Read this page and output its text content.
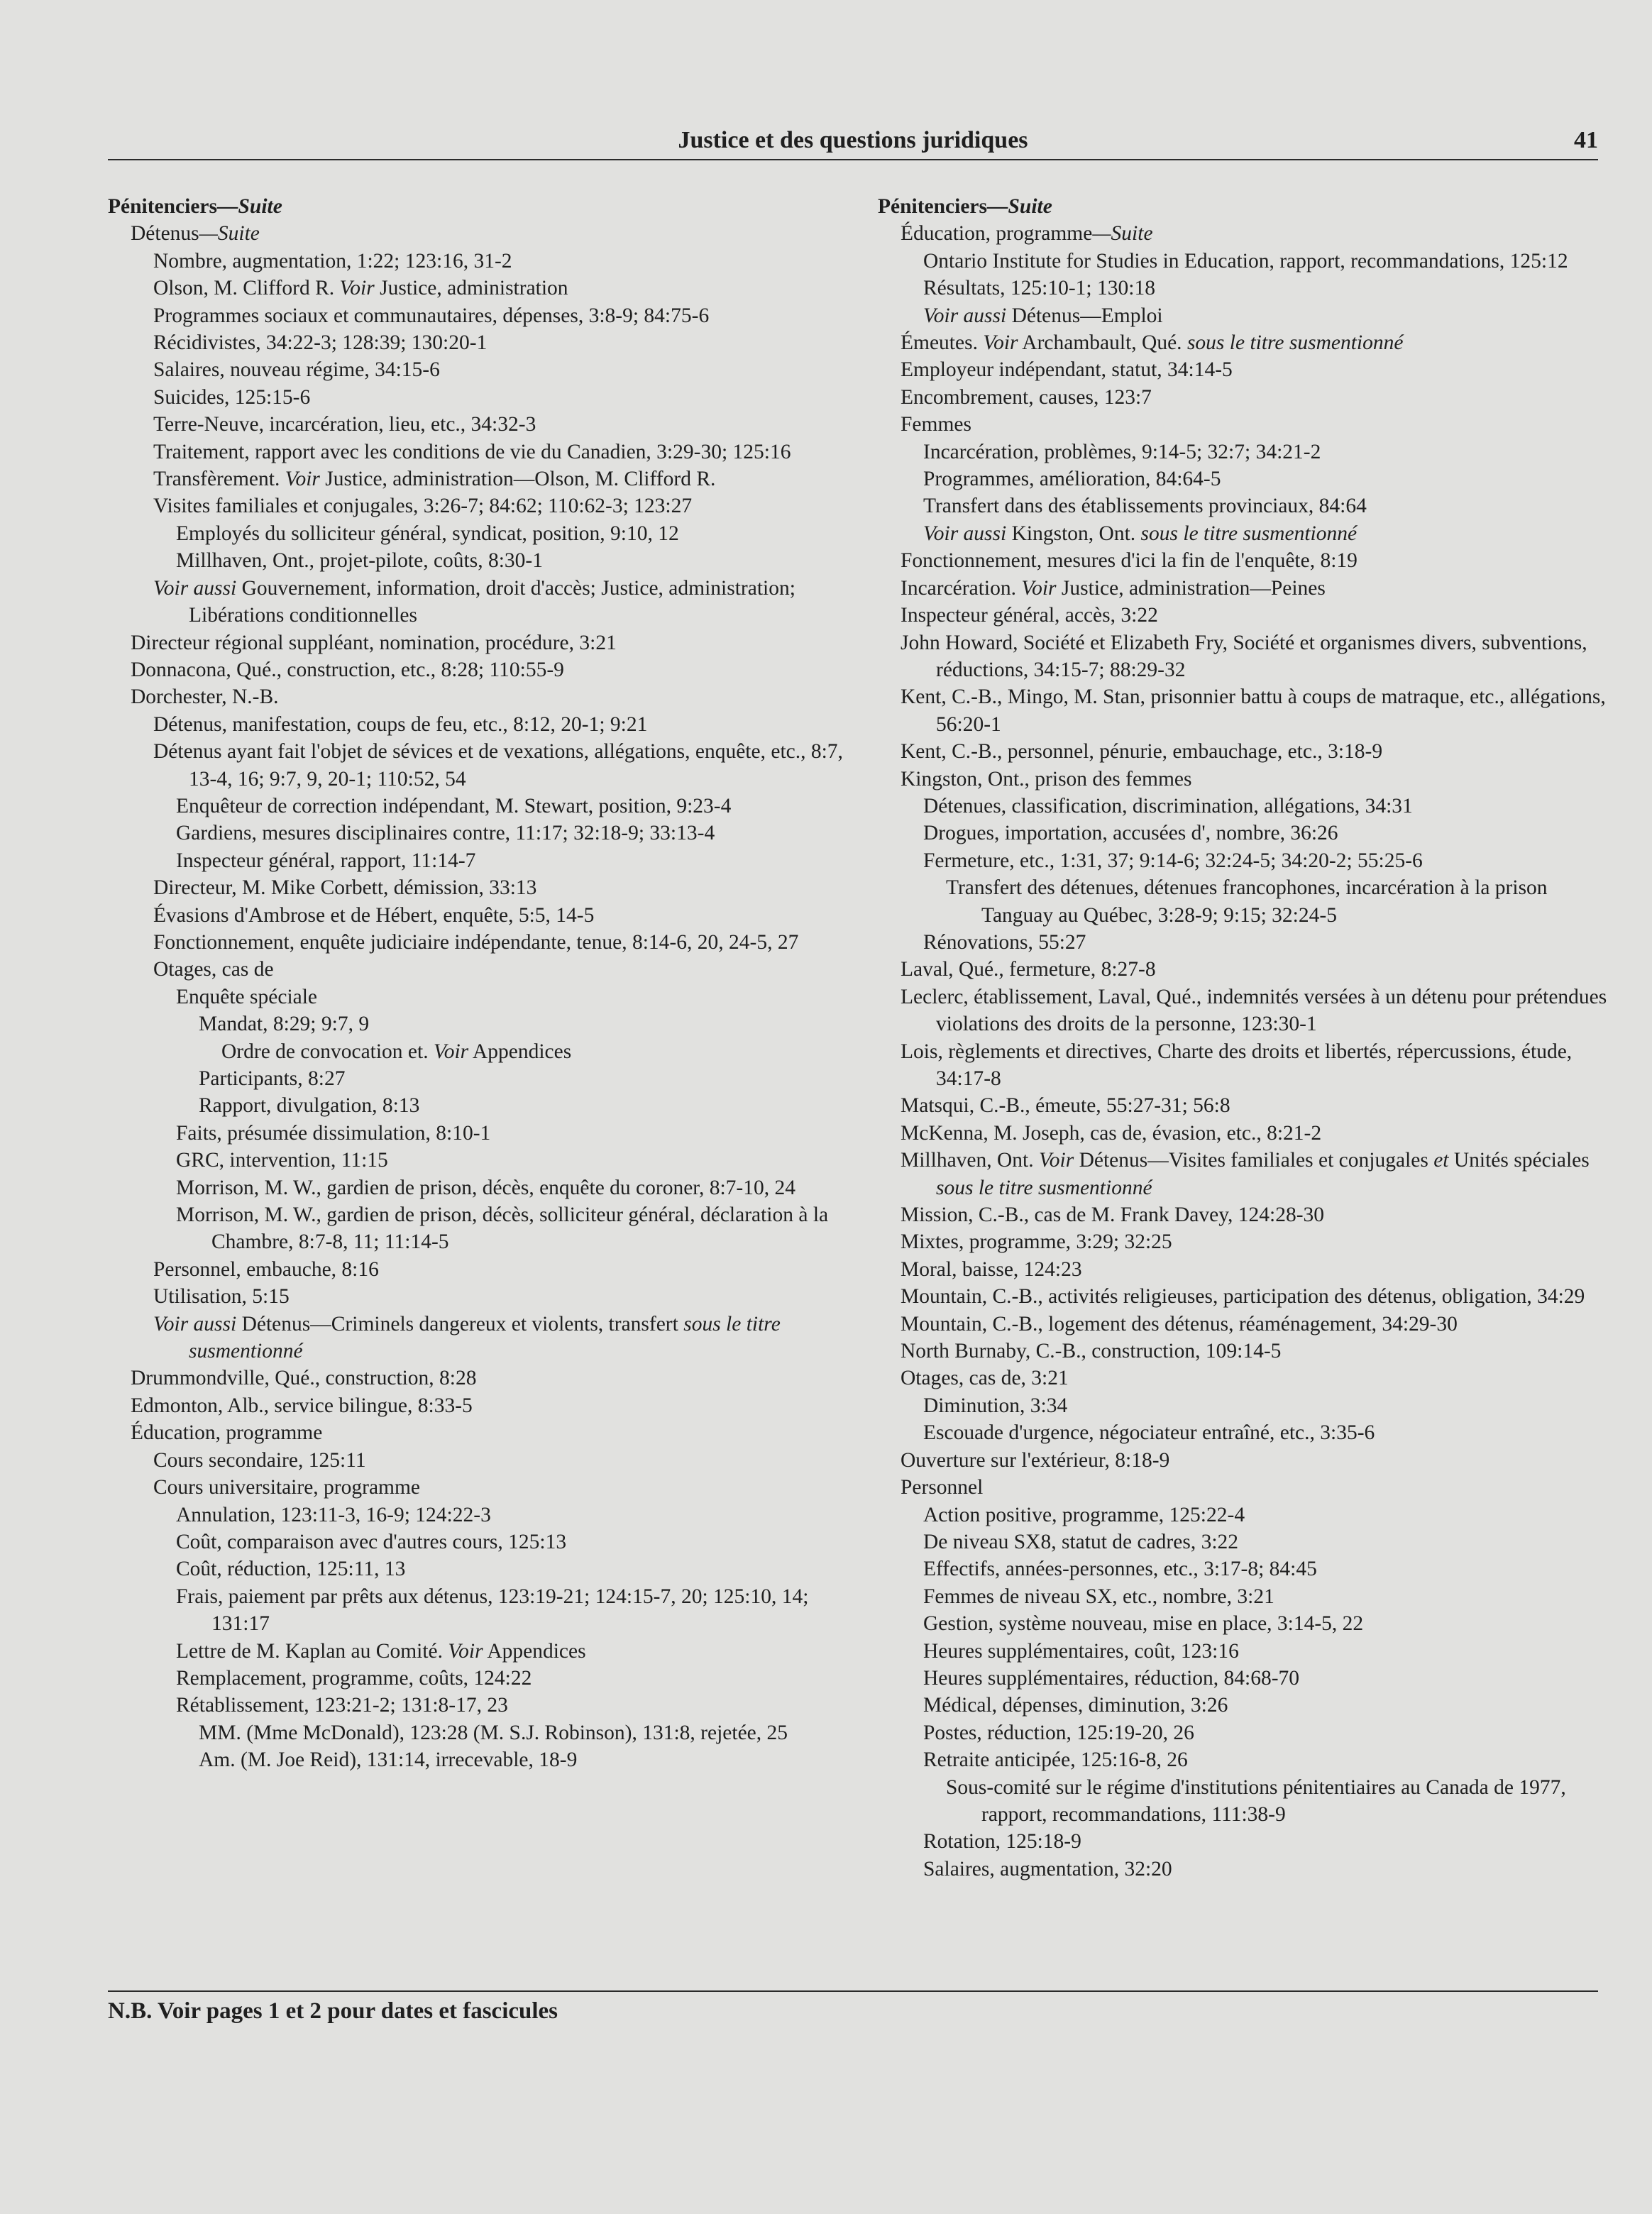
Justice et des questions juridiques	41
Pénitenciers—Suite
Détenus—Suite
Nombre, augmentation, 1:22; 123:16, 31-2
Olson, M. Clifford R. Voir Justice, administration
Programmes sociaux et communautaires, dépenses, 3:8-9; 84:75-6
Récidivistes, 34:22-3; 128:39; 130:20-1
Salaires, nouveau régime, 34:15-6
Suicides, 125:15-6
Terre-Neuve, incarcération, lieu, etc., 34:32-3
Traitement, rapport avec les conditions de vie du Canadien, 3:29-30; 125:16
Transfèrement. Voir Justice, administration—Olson, M. Clifford R.
Visites familiales et conjugales, 3:26-7; 84:62; 110:62-3; 123:27
Employés du solliciteur général, syndicat, position, 9:10, 12
Millhaven, Ont., projet-pilote, coûts, 8:30-1
Voir aussi Gouvernement, information, droit d'accès; Justice, administration; Libérations conditionnelles
Directeur régional suppléant, nomination, procédure, 3:21
Donnacona, Qué., construction, etc., 8:28; 110:55-9
Dorchester, N.-B.
Détenus, manifestation, coups de feu, etc., 8:12, 20-1; 9:21
Détenus ayant fait l'objet de sévices et de vexations, allégations, enquête, etc., 8:7, 13-4, 16; 9:7, 9, 20-1; 110:52, 54
Enquêteur de correction indépendant, M. Stewart, position, 9:23-4
Gardiens, mesures disciplinaires contre, 11:17; 32:18-9; 33:13-4
Inspecteur général, rapport, 11:14-7
Directeur, M. Mike Corbett, démission, 33:13
Évasions d'Ambrose et de Hébert, enquête, 5:5, 14-5
Fonctionnement, enquête judiciaire indépendante, tenue, 8:14-6, 20, 24-5, 27
Otages, cas de
Enquête spéciale
Mandat, 8:29; 9:7, 9
Ordre de convocation et. Voir Appendices
Participants, 8:27
Rapport, divulgation, 8:13
Faits, présumée dissimulation, 8:10-1
GRC, intervention, 11:15
Morrison, M. W., gardien de prison, décès, enquête du coroner, 8:7-10, 24
Morrison, M. W., gardien de prison, décès, solliciteur général, déclaration à la Chambre, 8:7-8, 11; 11:14-5
Personnel, embauche, 8:16
Utilisation, 5:15
Voir aussi Détenus—Criminels dangereux et violents, transfert sous le titre susmentionné
Drummondville, Qué., construction, 8:28
Edmonton, Alb., service bilingue, 8:33-5
Éducation, programme
Cours secondaire, 125:11
Cours universitaire, programme
Annulation, 123:11-3, 16-9; 124:22-3
Coût, comparaison avec d'autres cours, 125:13
Coût, réduction, 125:11, 13
Frais, paiement par prêts aux détenus, 123:19-21; 124:15-7, 20; 125:10, 14; 131:17
Lettre de M. Kaplan au Comité. Voir Appendices
Remplacement, programme, coûts, 124:22
Rétablissement, 123:21-2; 131:8-17, 23
MM. (Mme McDonald), 123:28 (M. S.J. Robinson), 131:8, rejetée, 25
Am. (M. Joe Reid), 131:14, irrecevable, 18-9
Pénitenciers—Suite
Éducation, programme—Suite
Ontario Institute for Studies in Education, rapport, recommandations, 125:12
Résultats, 125:10-1; 130:18
Voir aussi Détenus—Emploi
Émeutes. Voir Archambault, Qué. sous le titre susmentionné
Employeur indépendant, statut, 34:14-5
Encombrement, causes, 123:7
Femmes
Incarcération, problèmes, 9:14-5; 32:7; 34:21-2
Programmes, amélioration, 84:64-5
Transfert dans des établissements provinciaux, 84:64
Voir aussi Kingston, Ont. sous le titre susmentionné
Fonctionnement, mesures d'ici la fin de l'enquête, 8:19
Incarcération. Voir Justice, administration—Peines
Inspecteur général, accès, 3:22
John Howard, Société et Elizabeth Fry, Société et organismes divers, subventions, réductions, 34:15-7; 88:29-32
Kent, C.-B., Mingo, M. Stan, prisonnier battu à coups de matraque, etc., allégations, 56:20-1
Kent, C.-B., personnel, pénurie, embauchage, etc., 3:18-9
Kingston, Ont., prison des femmes
Détenues, classification, discrimination, allégations, 34:31
Drogues, importation, accusées d', nombre, 36:26
Fermeture, etc., 1:31, 37; 9:14-6; 32:24-5; 34:20-2; 55:25-6
Transfert des détenues, détenues francophones, incarcération à la prison Tanguay au Québec, 3:28-9; 9:15; 32:24-5
Rénovations, 55:27
Laval, Qué., fermeture, 8:27-8
Leclerc, établissement, Laval, Qué., indemnités versées à un détenu pour prétendues violations des droits de la personne, 123:30-1
Lois, règlements et directives, Charte des droits et libertés, répercussions, étude, 34:17-8
Matsqui, C.-B., émeute, 55:27-31; 56:8
McKenna, M. Joseph, cas de, évasion, etc., 8:21-2
Millhaven, Ont. Voir Détenus—Visites familiales et conjugales et Unités spéciales sous le titre susmentionné
Mission, C.-B., cas de M. Frank Davey, 124:28-30
Mixtes, programme, 3:29; 32:25
Moral, baisse, 124:23
Mountain, C.-B., activités religieuses, participation des détenus, obligation, 34:29
Mountain, C.-B., logement des détenus, réaménagement, 34:29-30
North Burnaby, C.-B., construction, 109:14-5
Otages, cas de, 3:21
Diminution, 3:34
Escouade d'urgence, négociateur entraîné, etc., 3:35-6
Ouverture sur l'extérieur, 8:18-9
Personnel
Action positive, programme, 125:22-4
De niveau SX8, statut de cadres, 3:22
Effectifs, années-personnes, etc., 3:17-8; 84:45
Femmes de niveau SX, etc., nombre, 3:21
Gestion, système nouveau, mise en place, 3:14-5, 22
Heures supplémentaires, coût, 123:16
Heures supplémentaires, réduction, 84:68-70
Médical, dépenses, diminution, 3:26
Postes, réduction, 125:19-20, 26
Retraite anticipée, 125:16-8, 26
Sous-comité sur le régime d'institutions pénitentiaires au Canada de 1977, rapport, recommandations, 111:38-9
Rotation, 125:18-9
Salaires, augmentation, 32:20
N.B. Voir pages 1 et 2 pour dates et fascicules
